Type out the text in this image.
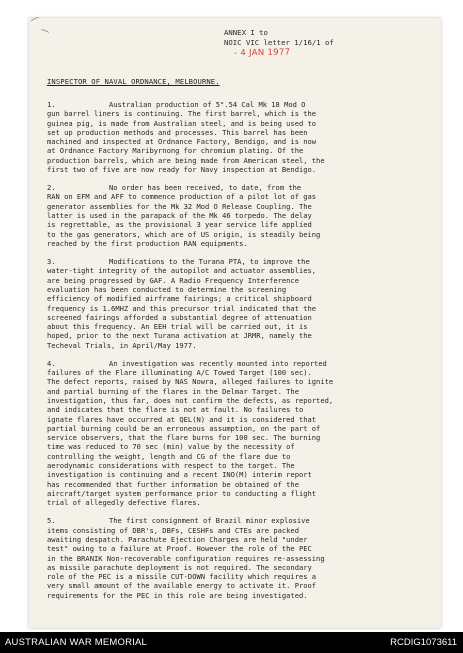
ANNEX I to
NOIC VIC letter 1/16/1 of
- 4 JAN 1977
INSPECTOR OF NAVAL ORDNANCE, MELBOURNE.

1.	Australian production of 5".54 Cal Mk 18 Mod O

gun barrel liners is continuing. The first barrel, which is the

guinea pig, is made from Australian steel, and is being used to

set up production methods and processes. This barrel has been

machined and inspected at Ordnance Factory, Bendigo, and is now

at Ordnance Factory Maribyrnong for chromium plating. Of the

production barrels, which are being made from American steel, the

first two of five are now ready for Navy inspection at Bendigo.

2.	No order has been received, to date, from the

RAN on EFM and AFF to commence production of a pilot lot of gas

generator assemblies for the Mk 32 Mod O Release Coupling. The

latter is used in the parapack of the Mk 46 torpedo. The delay

is regrettable, as the provisional 3 year service life applied

to the gas generators, which are of US origin, is steadily being

reached by the first production RAN equipments.

3.	Modifications to the Turana PTA, to improve the

water-tight integrity of the autopilot and actuator assemblies,

are being progressed by GAF. A Radio Frequency Interference

evaluation has been conducted to determine the screening

efficiency of modified airframe fairings; a critical shipboard

frequency is 1.6MHZ and this precursor trial indicated that the

screened fairings afforded a substantial degree of attenuation

about this frequency. An EEH trial will be carried out, it is

hoped, prior to the next Turana activation at JRMR, namely the

Techeval Trials, in April/May 1977.

4.	An investigation was recently mounted into reported

failures of the Flare illuminating A/C Towed Target (100 sec).

The defect reports, raised by NAS Nowra, alleged failures to ignite

and partial burning of the flares in the Delmar Target. The

investigation, thus far, does not confirm the defects, as reported,

and indicates that the flare is not at fault. No failures to

ignate flares have occurred at QEL(N) and it is considered that

partial burning could be an erroneous assumption, on the part of

service observers, that the flare burns for 100 sec. The burning

time was reduced to 70 sec (min) value by the necessity of

controlling the weight, length and CG of the flare due to

aerodynamic considerations with respect to the target. The

investigation is continuing and a recent INO(M) interim report

has recommended that further information be obtained of the

aircraft/target system performance prior to conducting a flight

trial of allegedly defective flares.

5.	The first consignment of Brazil minor explosive

items consisting of DBR's, DBFs, CESHFs and CTEs are packed

awaiting despatch. Parachute Ejection Charges are held "under

test" owing to a failure at Proof. However the role of the PEC

in the BRANIK Non-recoverable configuration requires re-assessing

as missile parachute deployment is not required. The secondary

role of the PEC is a missile CUT-DOWN facility which requires a

very small amount of the available energy to activate it. Proof

requirements for the PEC in this role are being investigated.

AUSTRALIAN WAR MEMORIAL	RCDIG1073611
